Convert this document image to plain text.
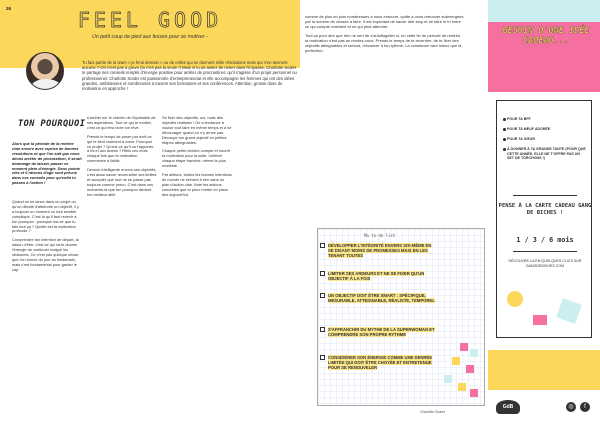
26	FEEL GOOD
Un petit coup de pied aux fesses pour se motiver -
Tu fais partie de la team « je ferai demain » ou de celles qui se donnent mille résolutions mais qui n'en tiennent aucune ? On n'est pas à grave (tu n'es pas la seule !) Mais si tu as assez de rester dans l'impasse, Charlotte Scaler te partage ses conseils remplis d'énergie positive pour arrêter de procrastiner, qu'il s'agisse d'un projet personnel ou professionnel. Charlotte Scaler est passionnée d'entrepreneuriat et elle accompagne les femmes qui ont des idées grandes, ambitieuses et nombreuses à travers ses formations et ses conférences. Attention, grosse dose de motivation en approche !
TON POURQUOI
Alors que la période de la rentrée rime encore avec reprise de bonnes résolutions et que l'on sait que nous allons arrêter de procrastiner, il serait dommage de laisser passer ce moment plein d'énergie. Deux points clés et 6 raisons d'agir sont prévus dans ces conseils pour qu'enfin tu passes à l'action !

Quand on se lance dans un projet ou qu'on décide d'atteindre un objectif, il y a toujours un moment où tout semble compliqué. C'est là qu'il faut revenir à ton pourquoi : pourquoi est-ce que tu fais tout ça ? Quelle est ta motivation profonde ?

Comprendre ton intention de départ, ta raison d'être, c'est ce qui va te donner l'énergie de continuer malgré les obstacles. Ce n'est pas quelque chose que l'on trouve du jour au lendemain, mais c'est fondamental pour garder le cap.

s'arrêter sur le chemin de l'épuisable de ses aspirations. Tout ce qui te motive, c'est ce qui fera vivre ton rêve.

Prends le temps de poser par écrit ce qui te tient vraiment à cœur. Pourquoi ce projet ? Qu'est-ce qu'il va t'apporter, à toi et aux autres ? Relis ces mots chaque fois que la motivation commence à faiblir.

Devenir intelligente envers ses objectifs, c'est aussi savoir reconnaître ses limites et accepter que tout ne se passe pas toujours comme prévu. C'est dans ces moments-là que ton pourquoi devient ton meilleur allié.

Se fixer des objectifs, oui, mais des objectifs réalistes ! On a tendance à vouloir tout faire en même temps et à se décourager quand on n'y arrive pas. Découpe ton grand objectif en petites étapes atteignables.

Chaque petite victoire compte et nourrit ta motivation pour la suite. Célèbre chaque étape franchie, même la plus modeste.

Par ailleurs, toutes les bonnes intentions du monde ne servent à rien sans un plan d'action clair. Note les actions concrètes que tu peux mettre en place dès aujourd'hui.

comme de plus en plus nombreuses à nous entourer, quitte à nous retrouver submergées par la somme de choses à faire. Il est important de savoir dire stop et de faire le tri entre ce qui compte vraiment et ce qui peut attendre.

Tout ça pour dire que rien ne sert de s'autoflageller si, en cette fin de période de rentrée, ta motivation n'est pas au rendez-vous. Prends le temps de te recentrer, de te fixer des objectifs atteignables et surtout, d'avancer à ton rythme. La constance vaut mieux que la perfection.

Ma to-do list
DÉVELOPPER L'INTÉGRITÉ ENVERS SOI-MÊME EN SE DISANT MOINS DE PROMESSES MAIS EN LES TENANT TOUTES
LIMITER SES ARDEURS ET NE SE FIXER QU'UN OBJECTIF À LA FOIS
UN OBJECTIF DOIT ÊTRE SMART : SPÉCIFIQUE, MESURABLE, ATTEIGNABLE, RÉALISTE, TEMPOREL
S'AFFRANCHIR DU MYTHE DE LA SUPERWOMAN ET COMPRENDRE SON PROPRE RYTHME
CONSIDÉRER SON ÉNERGIE COMME UNE DENRÉE LIMITÉE QUI DOIT ÊTRE CHOYÉE ET ENTRETENUE POUR SE RENOUVELER
Charlotte Scaler
BESOIN D'UNE IDÉE CADEAU...
POUR TA BFF
POUR TA MEUF ADORÉE
POUR TA SŒUR
À DONNER À TA GRANDE TANTE (POUR QUE CETTE ANNÉE, ELLE NE T'OFFRE PAS UN SET DE TORCHONS !)
PENSE À LA CARTE CADEAU GANG DE BICHES !
1 / 3 / 6 mois
DÉCOUVRE-LA EN QUELQUES CLICS SUR GANGDEBICHES.COM
GdB	◎	f
